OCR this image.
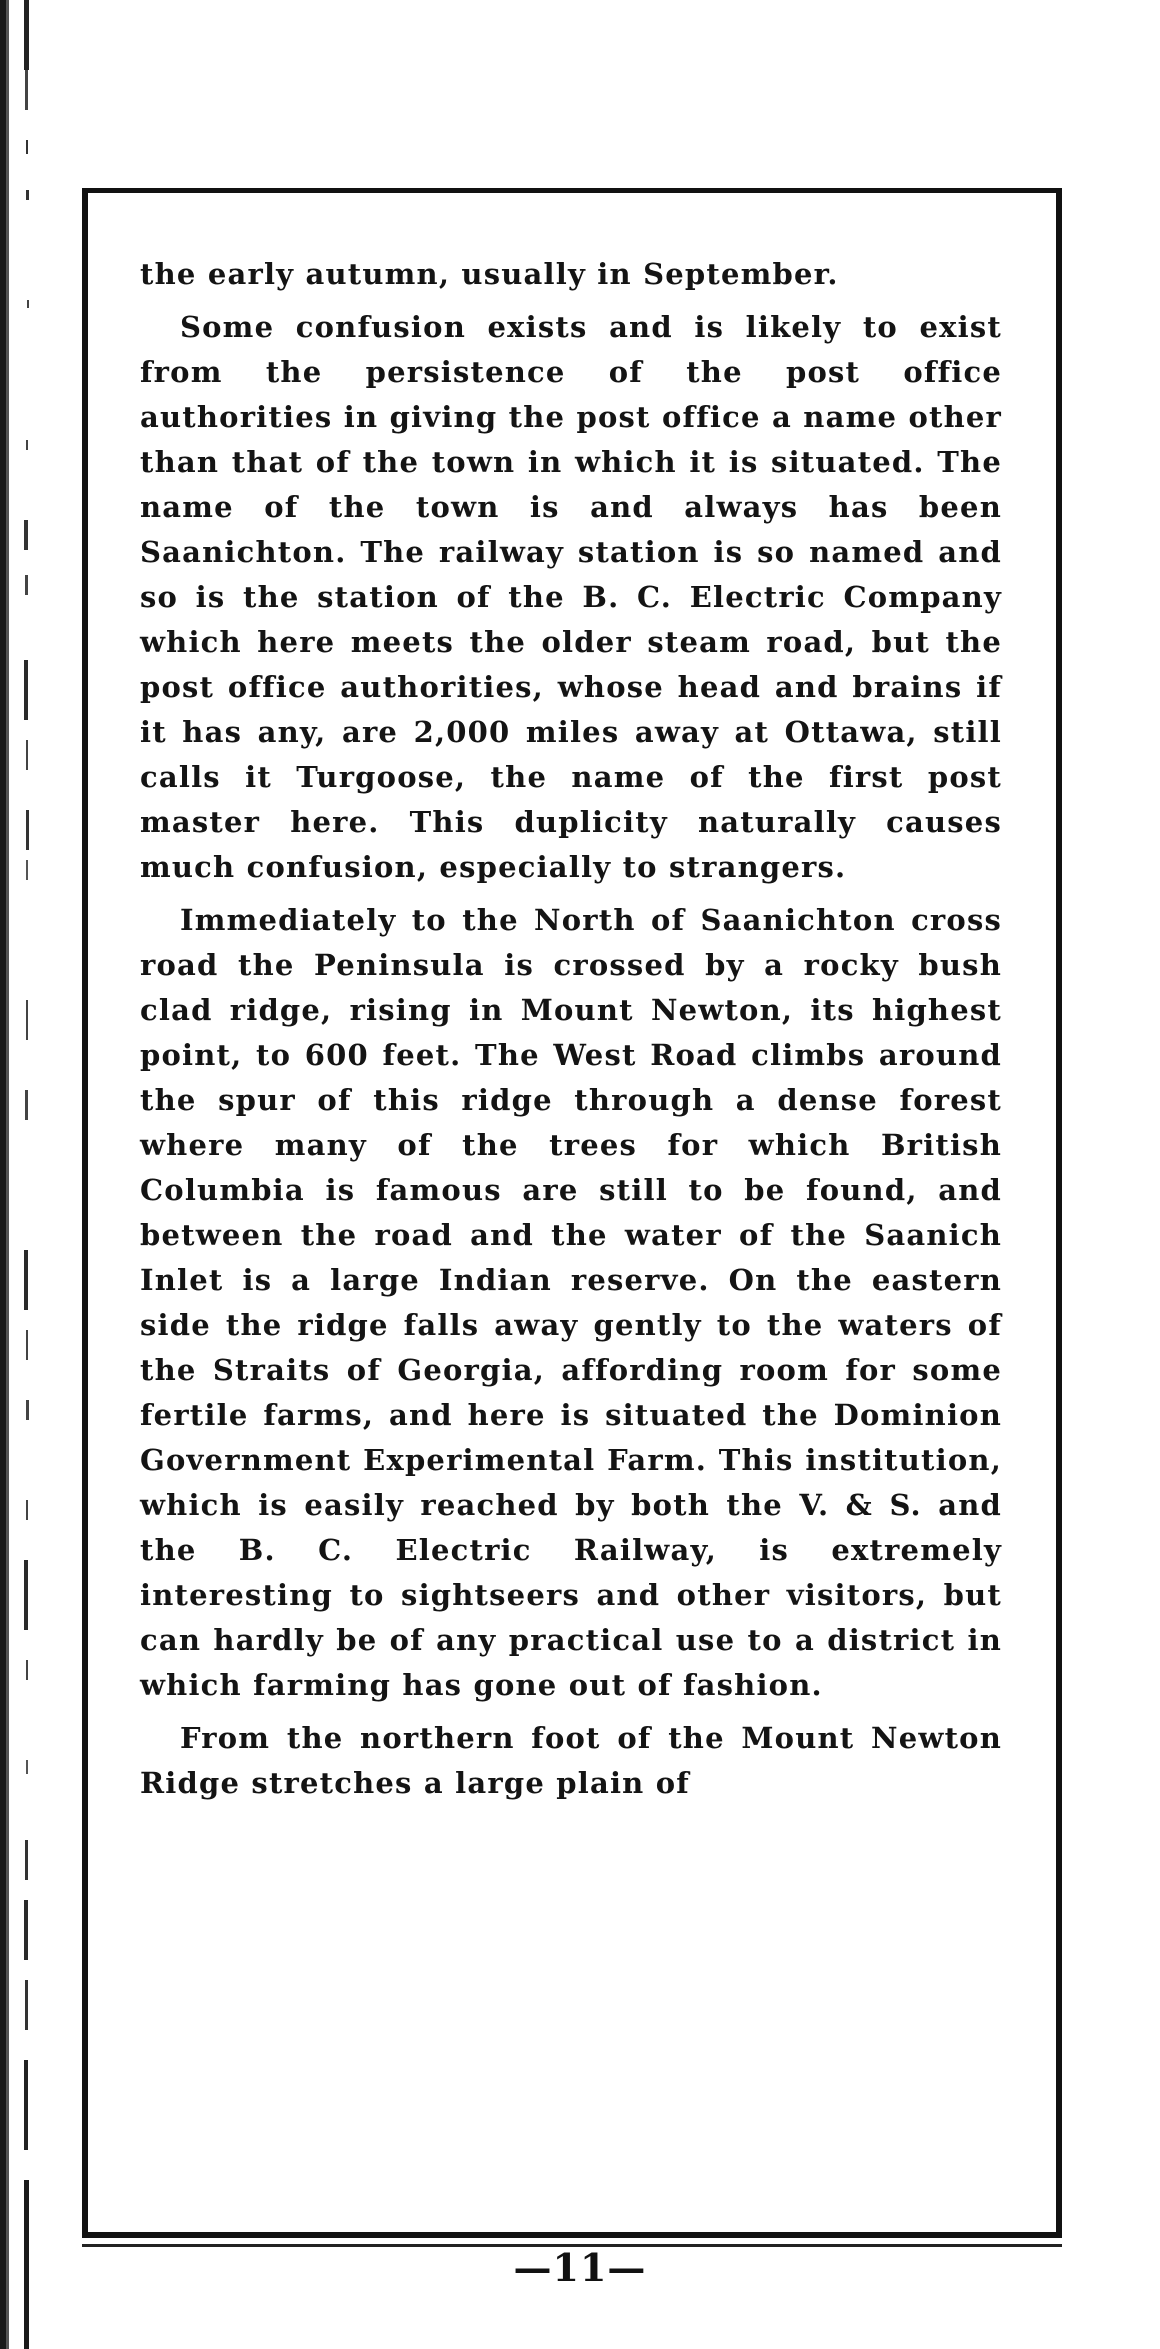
the early autumn, usually in September.

Some confusion exists and is likely to exist from the persistence of the post office authorities in giving the post office a name other than that of the town in which it is situated. The name of the town is and always has been Saanichton. The railway station is so named and so is the station of the B. C. Electric Company which here meets the older steam road, but the post office authorities, whose head and brains if it has any, are 2,000 miles away at Ottawa, still calls it Turgoose, the name of the first post master here. This duplicity naturally causes much confusion, especially to strangers.

Immediately to the North of Saanichton cross road the Peninsula is crossed by a rocky bush clad ridge, rising in Mount Newton, its highest point, to 600 feet. The West Road climbs around the spur of this ridge through a dense forest where many of the trees for which British Columbia is famous are still to be found, and between the road and the water of the Saanich Inlet is a large Indian reserve. On the eastern side the ridge falls away gently to the waters of the Straits of Georgia, affording room for some fertile farms, and here is situated the Dominion Government Experimental Farm. This institution, which is easily reached by both the V. & S. and the B. C. Electric Railway, is extremely interesting to sightseers and other visitors, but can hardly be of any practical use to a district in which farming has gone out of fashion.

From the northern foot of the Mount Newton Ridge stretches a large plain of

—11—
